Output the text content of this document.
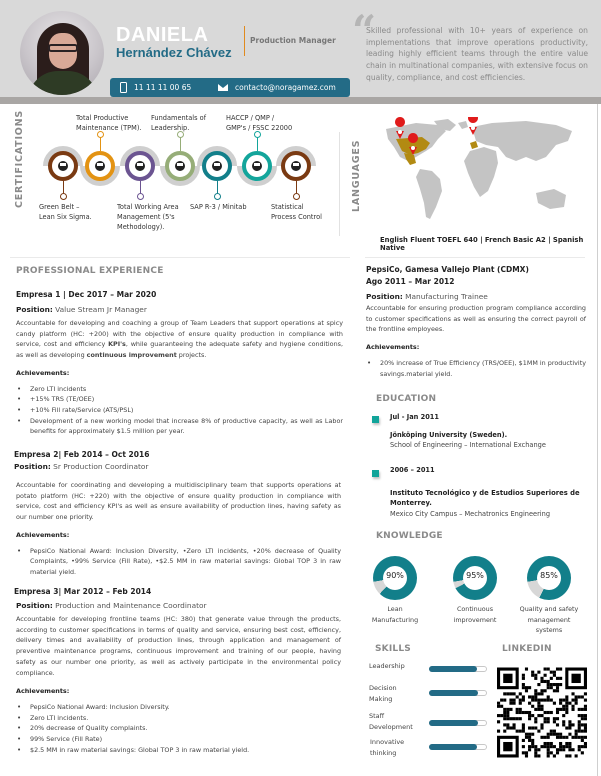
DANIELA
Hernández Chávez
Production Manager
11 11 11 00 65	contacto@noragamez.com
“
Skilled professional with 10+ years of experience on implementations that improve operations productivity, leading highly efficient teams through the entire value chain in multinational companies, with extensive focus on quality, compliance, and cost efficiencies.
CERTIFICATIONS Green Belt –
Lean Six Sigma.
Total Productive
Maintenance (TPM).
Total Working Area
Management (5's
Methodology).
Fundamentals of
Leadership.
SAP R-3 / Minitab
HACCP / QMP /
GMP's / FSSC 22000
Statistical
Process Control
LANGUAGES
English Fluent TOEFL 640 | French Basic A2 | Spanish Native
PROFESSIONAL EXPERIENCE
Empresa 1 | Dec 2017 – Mar 2020
Position: Value Stream Jr Manager
Accountable for developing and coaching a group of Team Leaders that support operations at spicy candy platform (HC: +200) with the objective of ensure quality production in compliance with service, cost and efficiency KPI's, while guaranteeing the adequate safety and hygiene conditions, as well as developing continuous improvement projects.
Achievements:
• Zero LTI incidents
• +15% TRS (TE/OEE)
• +10% Fill rate/Service (ATS/PSL)
• Development of a new working model that increase 8% of productive capacity, as well as Labor benefits for approximately $1.5 million per year.
Empresa 2| Feb 2014 – Oct 2016
Position: Sr Production Coordinator
Accountable for coordinating and developing a multidisciplinary team that supports operations at potato platform (HC: +220) with the objective of ensure quality production in compliance with service, cost and efficiency KPI's as well as ensure availability of production lines, having safety as our number one priority.
Achievements:
• PepsiCo National Award: Inclusion Diversity, •Zero LTI incidents, •20% decrease of Quality Complaints, •99% Service (Fill Rate), •$2.5 MM in raw material savings: Global TOP 3 in raw material yield.
Empresa 3| Mar 2012 – Feb 2014
Position: Production and Maintenance Coordinator
Accountable for developing frontline teams (HC: 380) that generate value through the products, according to customer specifications in terms of quality and service, ensuring best cost, efficiency, delivery times and availability of production lines, through application and management of preventive maintenance programs, continuous improvement and training of our people, having safety as our number one priority, as well as actively participate in the environmental policy compliance.
Achievements:
• PepsiCo National Award: Inclusion Diversity.
• Zero LTI incidents.
• 20% decrease of Quality complaints.
• 99% Service (Fill Rate)
• $2.5 MM in raw material savings: Global TOP 3 in raw material yield.
PepsiCo, Gamesa Vallejo Plant (CDMX)
Ago 2011 – Mar 2012
Position: Manufacturing Trainee
Accountable for ensuring production program compliance according to customer specifications as well as ensuring the correct payroll of the frontline employees.
Achievements:
• 20% increase of True Efficiency (TRS/OEE), $1MM in productivity savings.material yield.
EDUCATION
Jul - Jan 2011
Jönköping University (Sweden).
School of Engineering – International Exchange
2006 – 2011
Instituto Tecnológico y de Estudios Superiores de Monterrey.
Mexico City Campus – Mechatronics Engineering
KNOWLEDGE
90%
Lean
Manufacturing
95%
Continuous
improvement
85%
Quality and safety
management
systems
SKILLS	LINKEDIN
Leadership
Decision
Making
Staff
Development
Innovative
thinking
